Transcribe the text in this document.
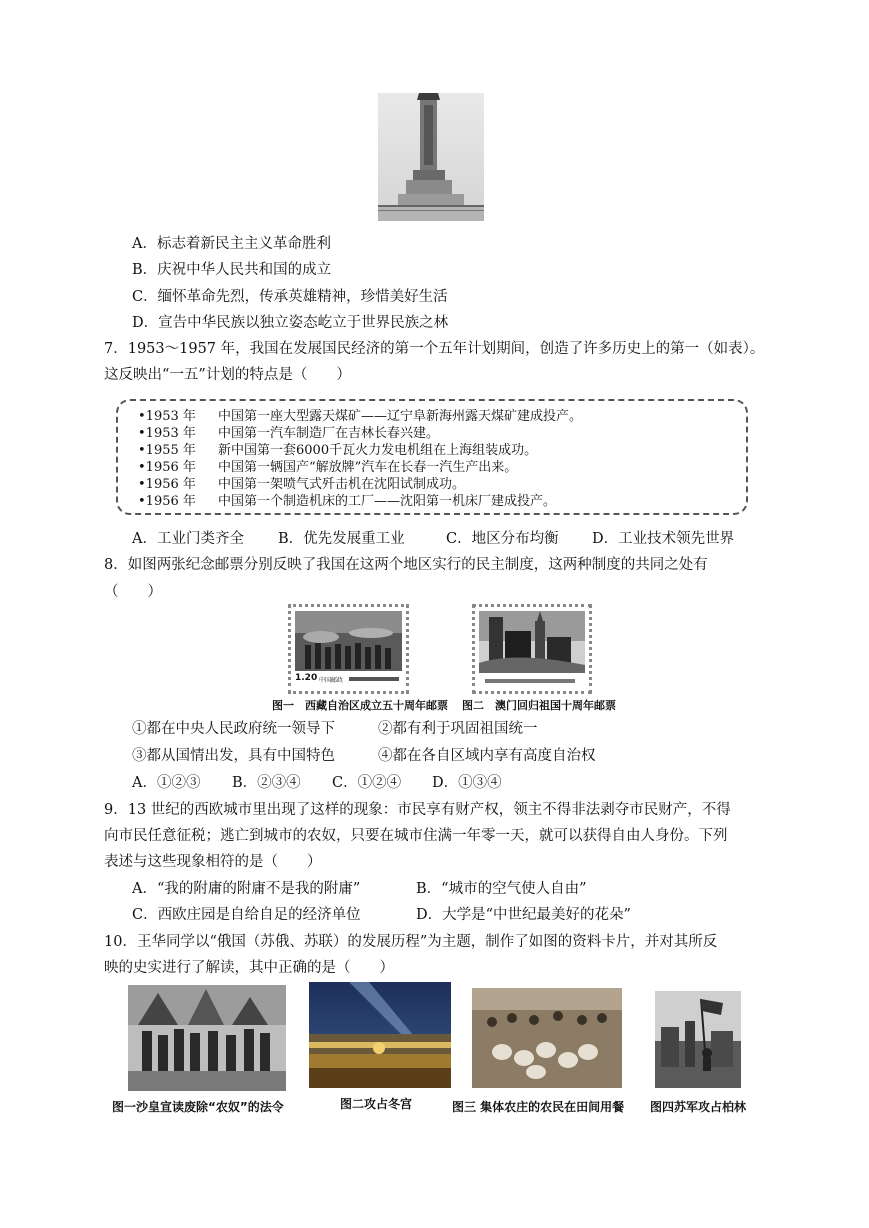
A．标志着新民主主义革命胜利
B．庆祝中华人民共和国的成立
C．缅怀革命先烈，传承英雄精神，珍惜美好生活
D．宣告中华民族以独立姿态屹立于世界民族之林
7．1953～1957 年，我国在发展国民经济的第一个五年计划期间，创造了许多历史上的第一（如表）。
这反映出“一五”计划的特点是（　　）
•1953 年 中国第一座大型露天煤矿——辽宁阜新海州露天煤矿建成投产。
•1953 年 中国第一汽车制造厂在吉林长春兴建。
•1955 年 新中国第一套6000千瓦火力发电机组在上海组装成功。
•1956 年 中国第一辆国产“解放牌”汽车在长春一汽生产出来。
•1956 年 中国第一架喷气式歼击机在沈阳试制成功。
•1956 年 中国第一个制造机床的工厂——沈阳第一机床厂建成投产。
A．工业门类齐全 B．优先发展重工业	C．地区分布均衡 D．工业技术领先世界
8．如图两张纪念邮票分别反映了我国在这两个地区实行的民主制度，这两种制度的共同之处有
（　　）
1.20 中国邮政
图一　西藏自治区成立五十周年邮票 图二　澳门回归祖国十周年邮票
①都在中央人民政府统一领导下	②都有利于巩固祖国统一
③都从国情出发，具有中国特色	④都在各自区域内享有高度自治权
A．①②③ B．②③④ C．①②④ D．①③④
9．13 世纪的西欧城市里出现了这样的现象：市民享有财产权，领主不得非法剥夺市民财产，不得
向市民任意征税；逃亡到城市的农奴，只要在城市住满一年零一天，就可以获得自由人身份。下列
表述与这些现象相符的是（　　）
A．“我的附庸的附庸不是我的附庸”	B．“城市的空气使人自由”
C．西欧庄园是自给自足的经济单位	D．大学是“中世纪最美好的花朵”
10．王华同学以“俄国（苏俄、苏联）的发展历程”为主题，制作了如图的资料卡片，并对其所反
映的史实进行了解读，其中正确的是（　　）
图一沙皇宣读废除“农奴”的法令	图二攻占冬宫	图三 集体农庄的农民在田间用餐 图四苏军攻占柏林
